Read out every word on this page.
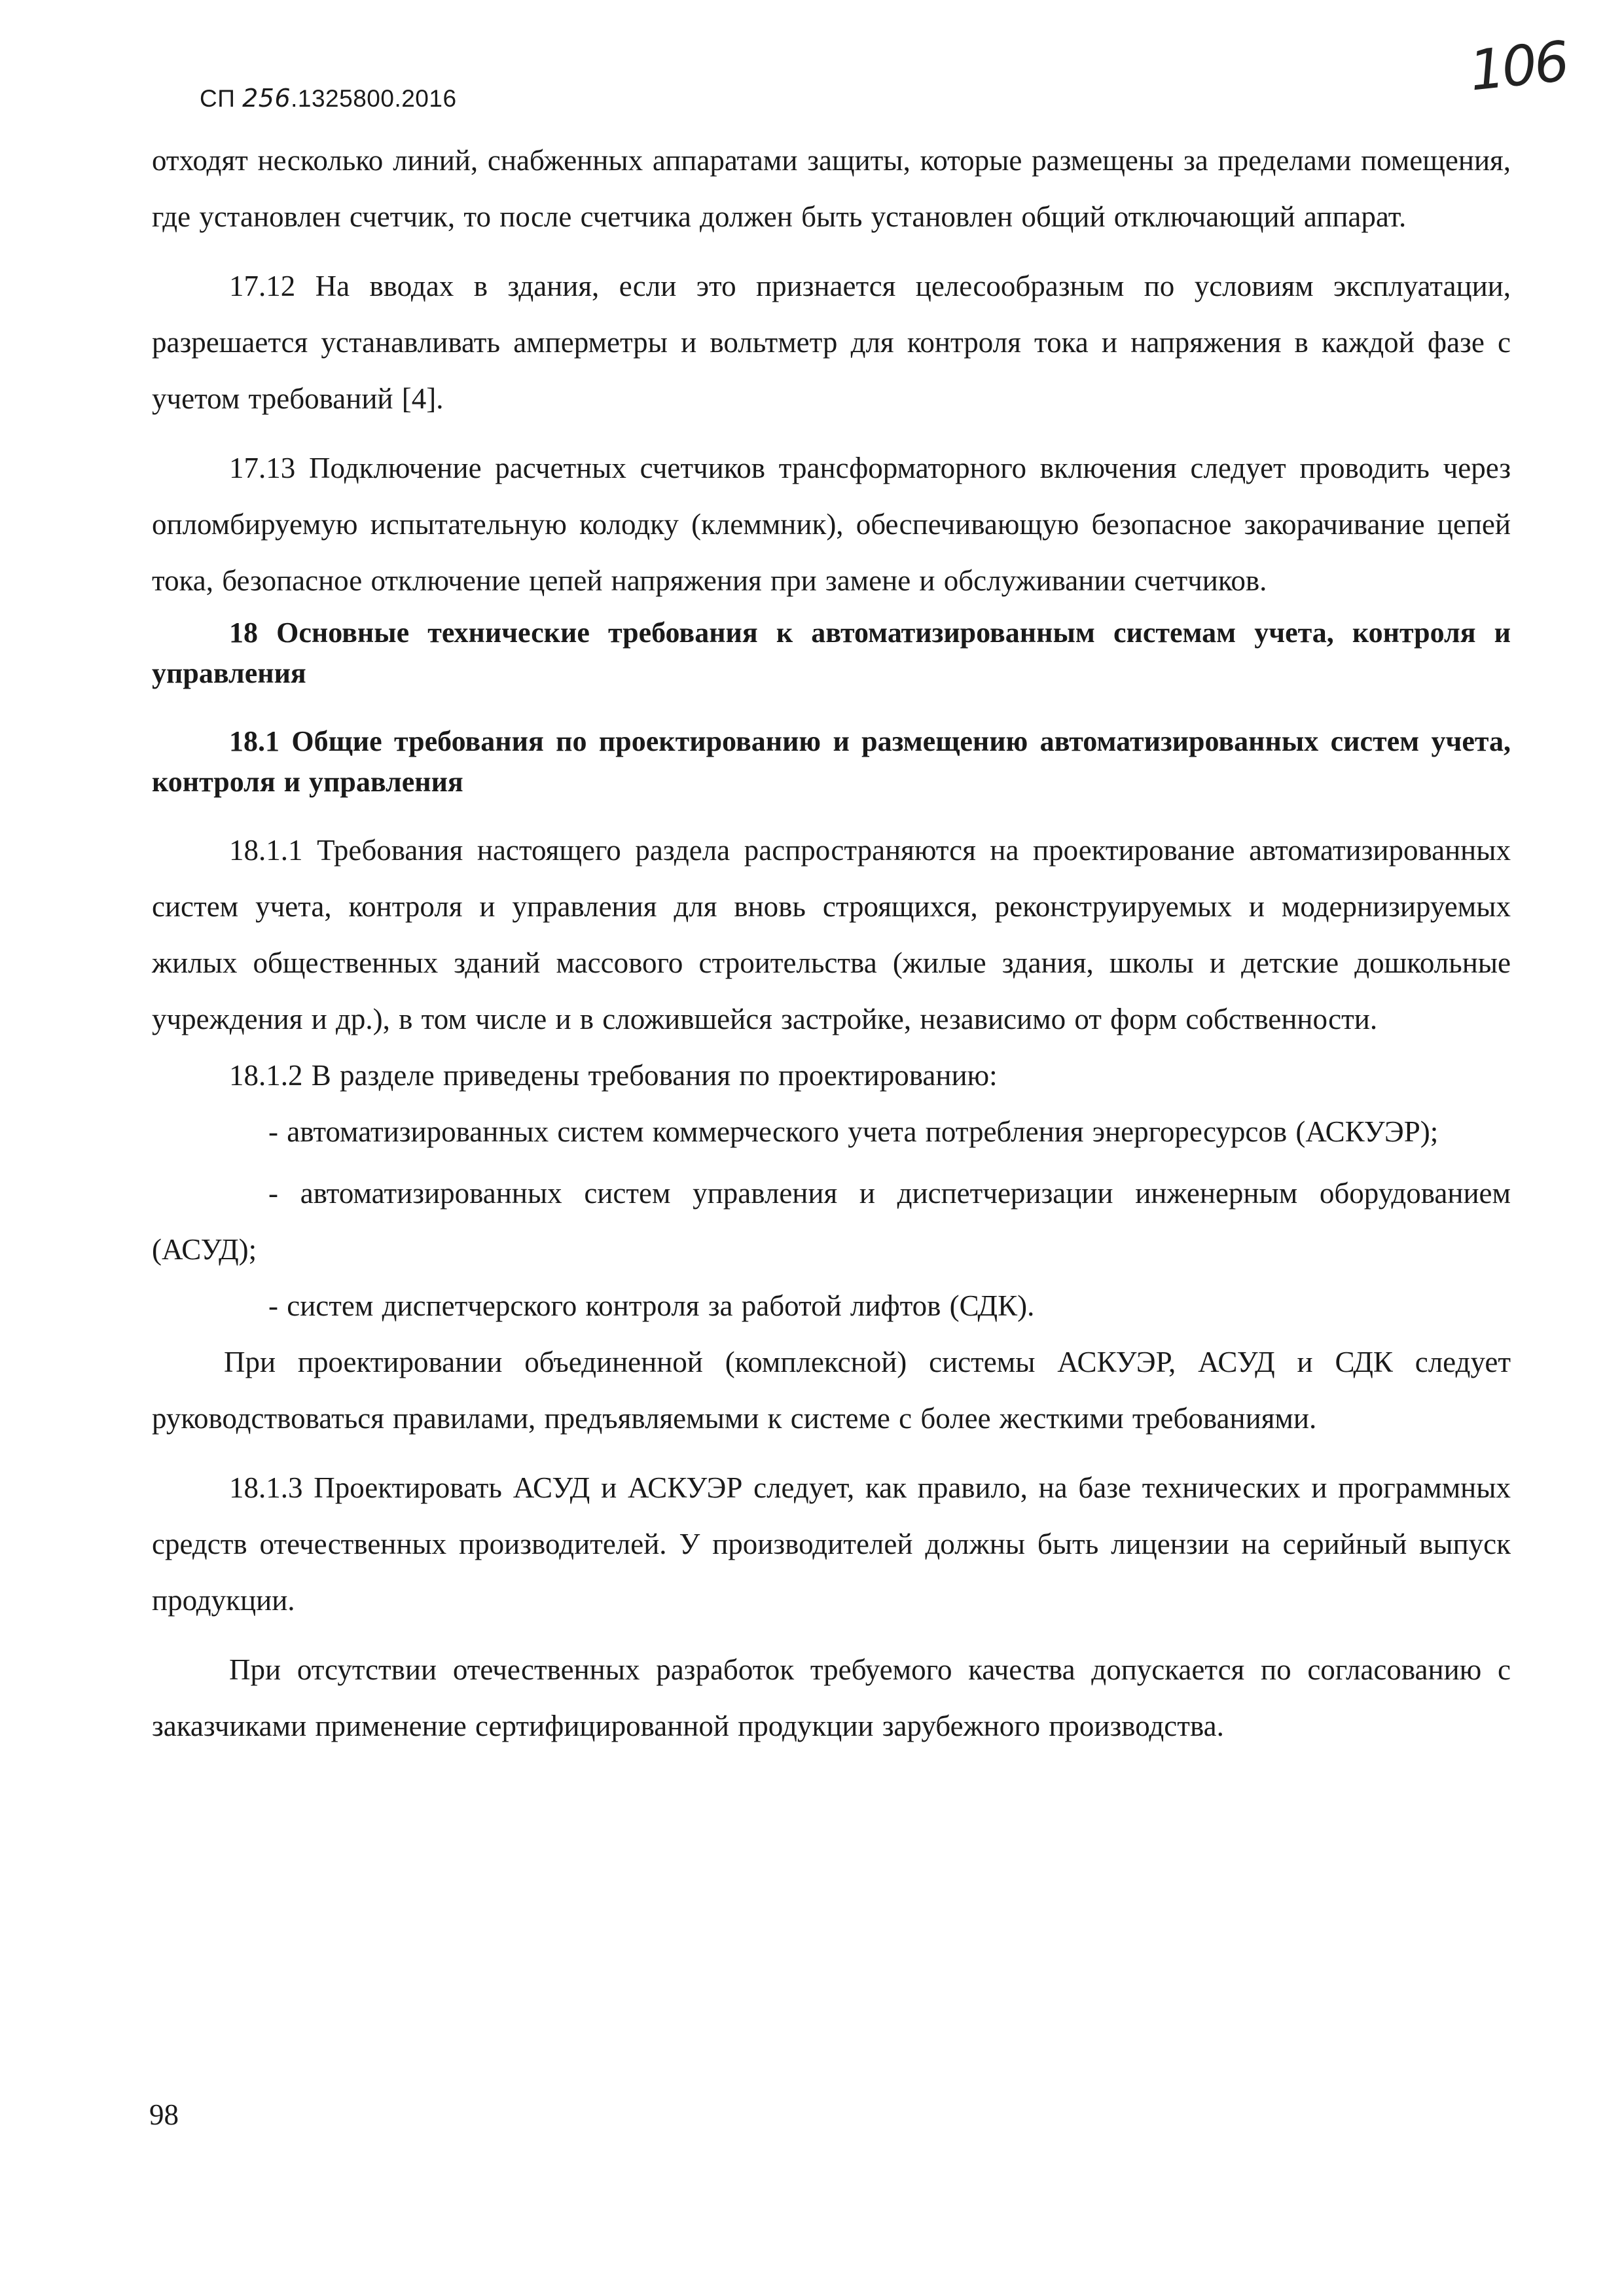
СП 256.1325800.2016	106

отходят несколько линий, снабженных аппаратами защиты, которые размещены за пределами помещения, где установлен счетчик, то после счетчика должен быть установлен общий отключающий аппарат.

17.12 На вводах в здания, если это признается целесообразным по условиям эксплуатации, разрешается устанавливать амперметры и вольтметр для контроля тока и напряжения в каждой фазе с учетом требований [4].

17.13 Подключение расчетных счетчиков трансформаторного включения следует проводить через опломбируемую испытательную колодку (клеммник), обеспечивающую безопасное закорачивание цепей тока, безопасное отключение цепей напряжения при замене и обслуживании счетчиков.

18 Основные технические требования к автоматизированным системам учета, контроля и управления

18.1 Общие требования по проектированию и размещению автоматизированных систем учета, контроля и управления

18.1.1 Требования настоящего раздела распространяются на проектирование автоматизированных систем учета, контроля и управления для вновь строящихся, реконструируемых и модернизируемых жилых общественных зданий массового строительства (жилые здания, школы и детские дошкольные учреждения и др.), в том числе и в сложившейся застройке, независимо от форм собственности.

18.1.2 В разделе приведены требования по проектированию:

- автоматизированных систем коммерческого учета потребления энергоресурсов (АСКУЭР);

- автоматизированных систем управления и диспетчеризации инженерным оборудованием (АСУД);

- систем диспетчерского контроля за работой лифтов (СДК).

При проектировании объединенной (комплексной) системы АСКУЭР, АСУД и СДК следует руководствоваться правилами, предъявляемыми к системе с более жесткими требованиями.

18.1.3 Проектировать АСУД и АСКУЭР следует, как правило, на базе технических и программных средств отечественных производителей. У производителей должны быть лицензии на серийный выпуск продукции.

При отсутствии отечественных разработок требуемого качества допускается по согласованию с заказчиками применение сертифицированной продукции зарубежного производства.

98
